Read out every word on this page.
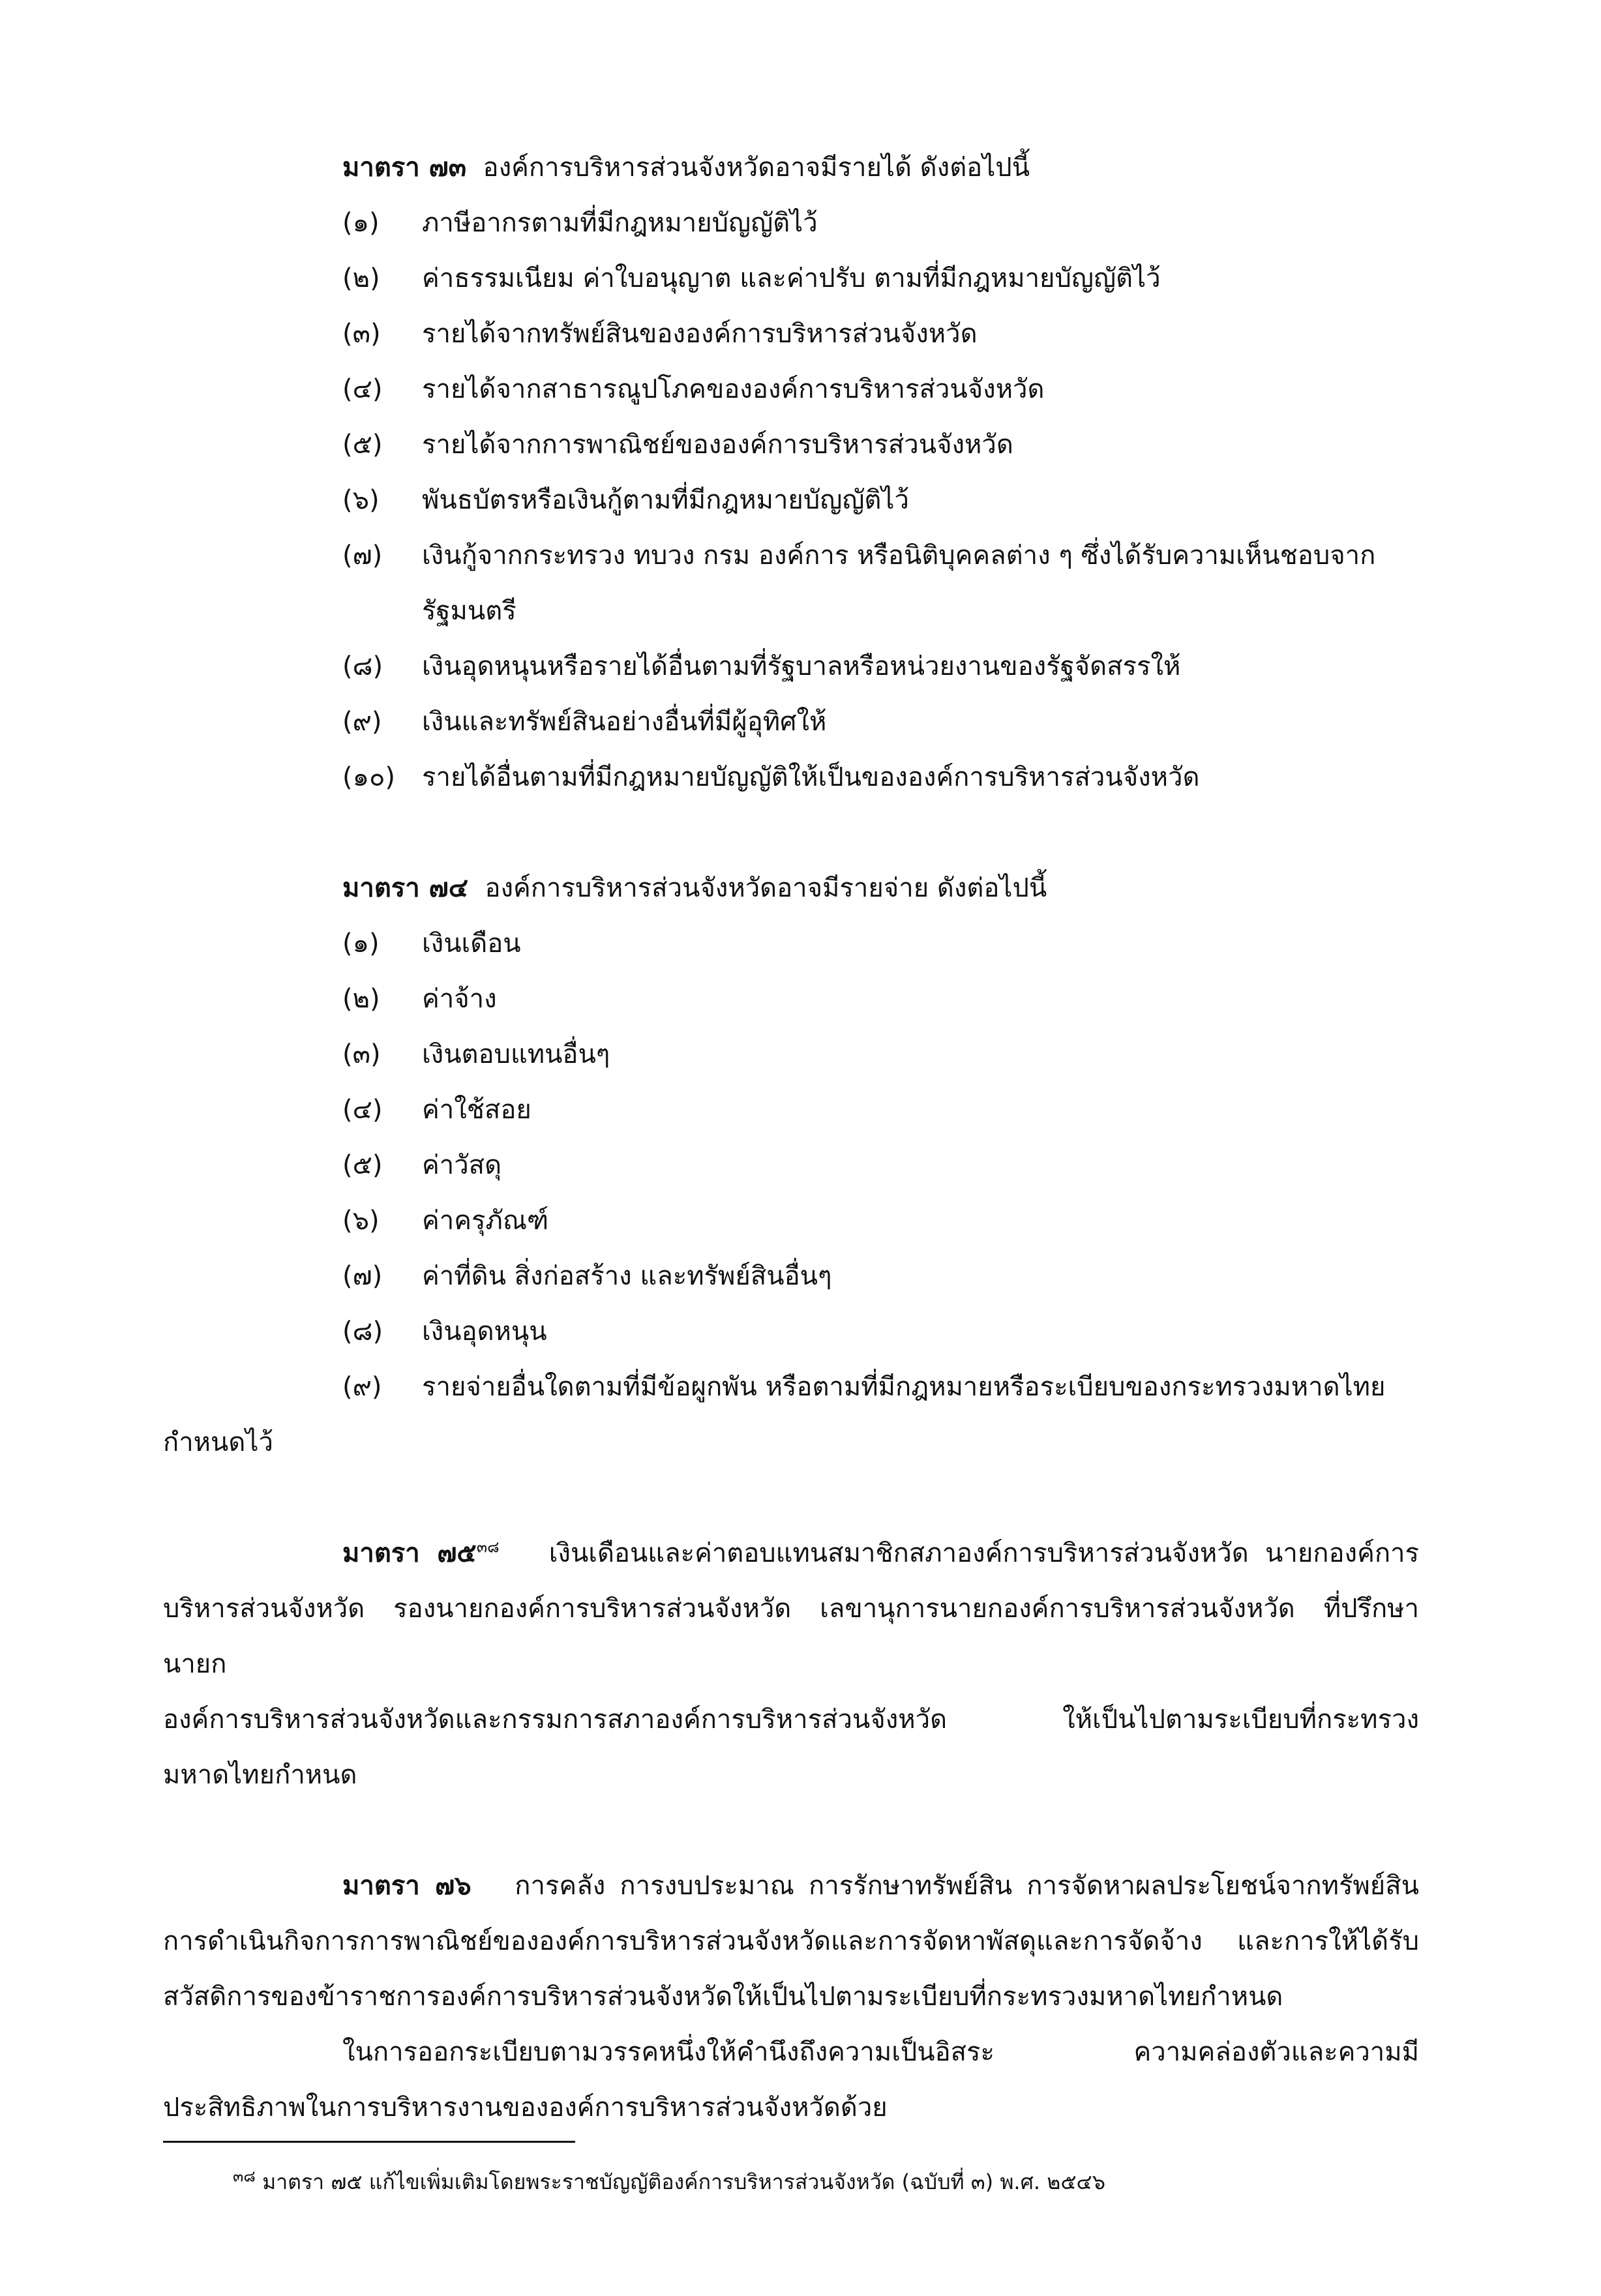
มาตรา ๗๓ องค์การบริหารส่วนจังหวัดอาจมีรายได้ ดังต่อไปนี้
(๑)	ภาษีอากรตามที่มีกฎหมายบัญญัติไว้
(๒)	ค่าธรรมเนียม ค่าใบอนุญาต และค่าปรับ ตามที่มีกฎหมายบัญญัติไว้
(๓)	รายได้จากทรัพย์สินขององค์การบริหารส่วนจังหวัด
(๔)	รายได้จากสาธารณูปโภคขององค์การบริหารส่วนจังหวัด
(๕)	รายได้จากการพาณิชย์ขององค์การบริหารส่วนจังหวัด
(๖)	พันธบัตรหรือเงินกู้ตามที่มีกฎหมายบัญญัติไว้
(๗)	เงินกู้จากกระทรวง ทบวง กรม องค์การ หรือนิติบุคคลต่าง ๆ ซึ่งได้รับความเห็นชอบจากรัฐมนตรี
(๘)	เงินอุดหนุนหรือรายได้อื่นตามที่รัฐบาลหรือหน่วยงานของรัฐจัดสรรให้
(๙)	เงินและทรัพย์สินอย่างอื่นที่มีผู้อุทิศให้
(๑๐)	รายได้อื่นตามที่มีกฎหมายบัญญัติให้เป็นขององค์การบริหารส่วนจังหวัด
มาตรา ๗๔ องค์การบริหารส่วนจังหวัดอาจมีรายจ่าย ดังต่อไปนี้
(๑)	เงินเดือน
(๒)	ค่าจ้าง
(๓)	เงินตอบแทนอื่นๆ
(๔)	ค่าใช้สอย
(๕)	ค่าวัสดุ
(๖)	ค่าครุภัณฑ์
(๗)	ค่าที่ดิน สิ่งก่อสร้าง และทรัพย์สินอื่นๆ
(๘)	เงินอุดหนุน
(๙)	รายจ่ายอื่นใดตามที่มีข้อผูกพัน หรือตามที่มีกฎหมายหรือระเบียบของกระทรวงมหาดไทย
กำหนดไว้
มาตรา ๗๕$^{๓๘}$ เงินเดือนและค่าตอบแทนสมาชิกสภาองค์การบริหารส่วนจังหวัด นายกองค์การ
บริหารส่วนจังหวัด รองนายกองค์การบริหารส่วนจังหวัด เลขานุการนายกองค์การบริหารส่วนจังหวัด ที่ปรึกษานายก
องค์การบริหารส่วนจังหวัดและกรรมการสภาองค์การบริหารส่วนจังหวัด ให้เป็นไปตามระเบียบที่กระทรวง
มหาดไทยกำหนด
มาตรา ๗๖ การคลัง การงบประมาณ การรักษาทรัพย์สิน การจัดหาผลประโยชน์จากทรัพย์สิน
การดำเนินกิจการการพาณิชย์ขององค์การบริหารส่วนจังหวัดและการจัดหาพัสดุและการจัดจ้าง และการให้ได้รับ
สวัสดิการของข้าราชการองค์การบริหารส่วนจังหวัดให้เป็นไปตามระเบียบที่กระทรวงมหาดไทยกำหนด
ในการออกระเบียบตามวรรคหนึ่งให้คำนึงถึงความเป็นอิสระ ความคล่องตัวและความมี
ประสิทธิภาพในการบริหารงานขององค์การบริหารส่วนจังหวัดด้วย
$^{๓๘}$ มาตรา ๗๕ แก้ไขเพิ่มเติมโดยพระราชบัญญัติองค์การบริหารส่วนจังหวัด (ฉบับที่ ๓) พ.ศ. ๒๕๔๖
